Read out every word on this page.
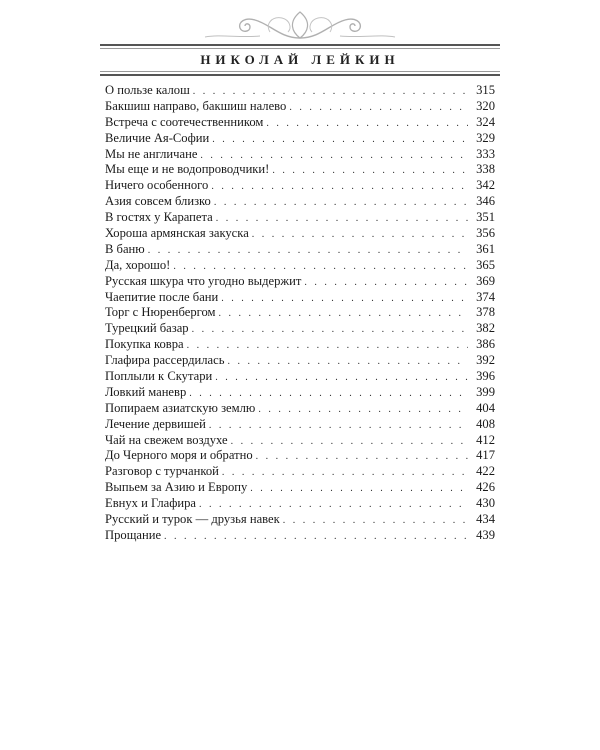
НИКОЛАЙ ЛЕЙКИН
О пользе калош . . .	315
Бакшиш направо, бакшиш налево . . .	320
Встреча с соотечественником . . .	324
Величие Ая-Софии . . .	329
Мы не англичане . . .	333
Мы еще и не водопроводчики! . . .	338
Ничего особенного . . .	342
Азия совсем близко . . .	346
В гостях у Карапета . . .	351
Хороша армянская закуска . . .	356
В баню . . .	361
Да, хорошо! . . .	365
Русская шкура что угодно выдержит . . .	369
Чаепитие после бани . . .	374
Торг с Нюренбергом . . .	378
Турецкий базар . . .	382
Покупка ковра . . .	386
Глафира рассердилась . . .	392
Поплыли к Скутари . . .	396
Ловкий маневр . . .	399
Попираем азиатскую землю . . .	404
Лечение дервишей . . .	408
Чай на свежем воздухе . . .	412
До Черного моря и обратно . . .	417
Разговор с турчанкой . . .	422
Выпьем за Азию и Европу . . .	426
Евнух и Глафира . . .	430
Русский и турок — друзья навек . . .	434
Прощание . . .	439
